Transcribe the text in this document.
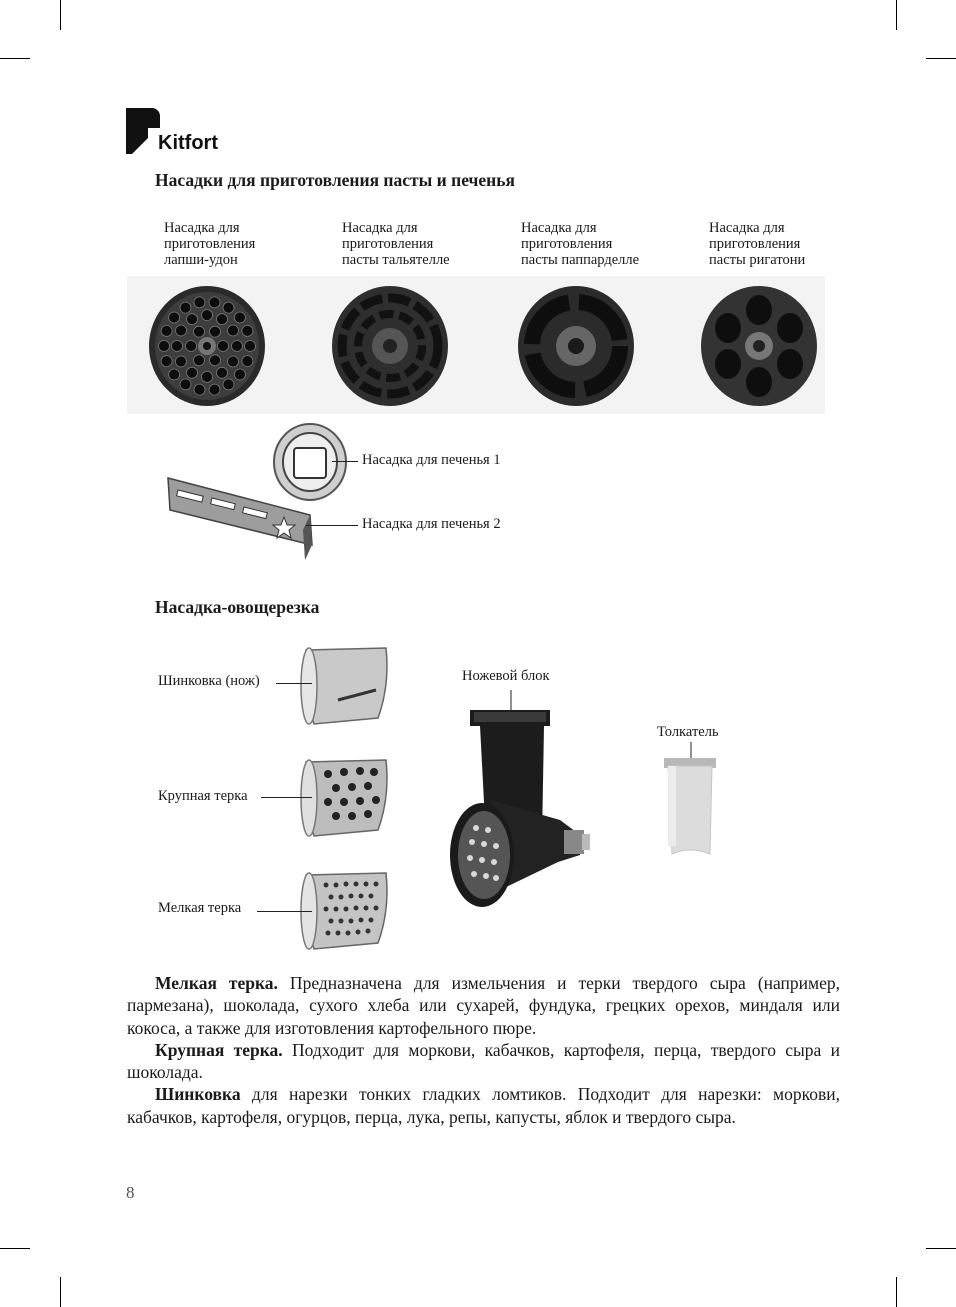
Kitfort
Насадки для приготовления пасты и печенья
Насадка для
приготовления
лапши-удон
Насадка для
приготовления
пасты тальятелле
Насадка для
приготовления
пасты паппарделле
Насадка для
приготовления
пасты ригатони
Насадка для печенья 1
Насадка для печенья 2
Насадка-овощерезка
Шинковка (нож)
Крупная терка
Мелкая терка
Ножевой блок
Толкатель

Мелкая терка. Предназначена для измельчения и терки твердого сыра (например, пармезана), шоколада, сухого хлеба или сухарей, фундука, грецких орехов, миндаля или кокоса, а также для изготовления картофельного пюре.

Крупная терка. Подходит для моркови, кабачков, картофеля, перца, твердого сыра и шоколада.

Шинковка для нарезки тонких гладких ломтиков. Подходит для нарезки: моркови, кабачков, картофеля, огурцов, перца, лука, репы, капусты, яблок и твердого сыра.

8
